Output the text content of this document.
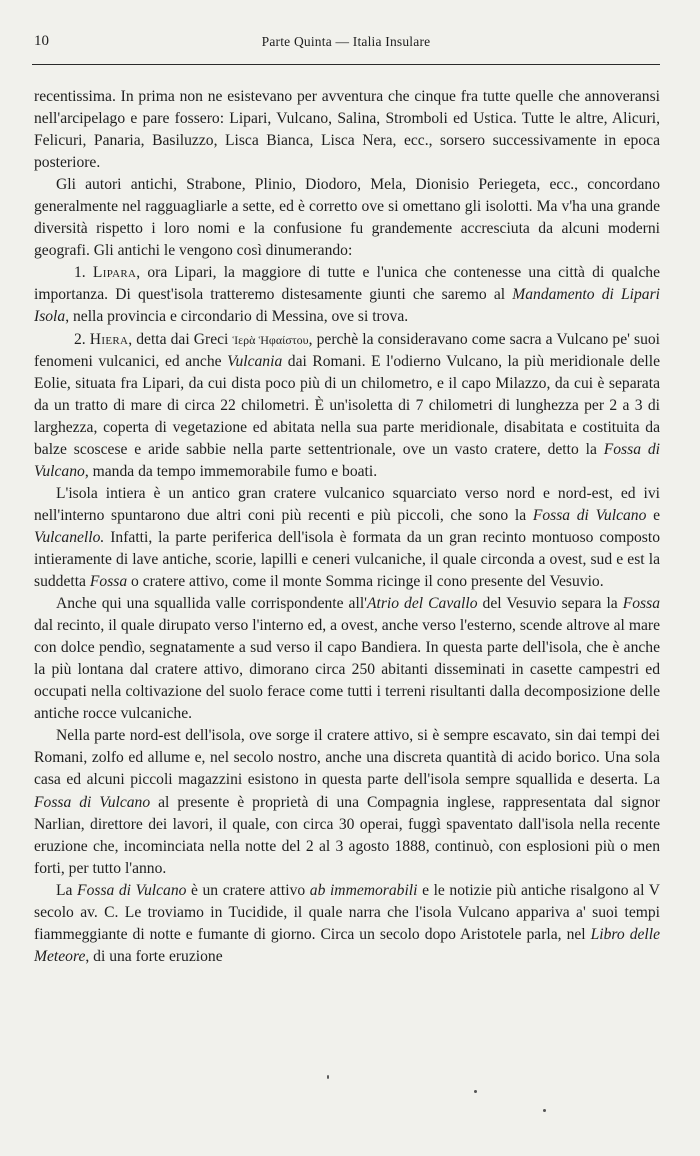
10	Parte Quinta — Italia Insulare

recentissima. In prima non ne esistevano per avventura che cinque fra tutte quelle che annoveransi nell'arcipelago e pare fossero: Lipari, Vulcano, Salina, Stromboli ed Ustica. Tutte le altre, Alicuri, Felicuri, Panaria, Basiluzzo, Lisca Bianca, Lisca Nera, ecc., sorsero successivamente in epoca posteriore.

Gli autori antichi, Strabone, Plinio, Diodoro, Mela, Dionisio Periegeta, ecc., concordano generalmente nel ragguagliarle a sette, ed è corretto ove si omettano gli isolotti. Ma v'ha una grande diversità rispetto i loro nomi e la confusione fu grandemente accresciuta da alcuni moderni geografi. Gli antichi le vengono così dinumerando:

1. Lipara, ora Lipari, la maggiore di tutte e l'unica che contenesse una città di qualche importanza. Di quest'isola tratteremo distesamente giunti che saremo al Mandamento di Lipari Isola, nella provincia e circondario di Messina, ove si trova.

2. Hiera, detta dai Greci Ἱερὰ Ἡφαίστου, perchè la consideravano come sacra a Vulcano pe' suoi fenomeni vulcanici, ed anche Vulcania dai Romani. E l'odierno Vulcano, la più meridionale delle Eolie, situata fra Lipari, da cui dista poco più di un chilometro, e il capo Milazzo, da cui è separata da un tratto di mare di circa 22 chilometri. È un'isoletta di 7 chilometri di lunghezza per 2 a 3 di larghezza, coperta di vegetazione ed abitata nella sua parte meridionale, disabitata e costituita da balze scoscese e aride sabbie nella parte settentrionale, ove un vasto cratere, detto la Fossa di Vulcano, manda da tempo immemorabile fumo e boati.

L'isola intiera è un antico gran cratere vulcanico squarciato verso nord e nord-est, ed ivi nell'interno spuntarono due altri coni più recenti e più piccoli, che sono la Fossa di Vulcano e Vulcanello. Infatti, la parte periferica dell'isola è formata da un gran recinto montuoso composto intieramente di lave antiche, scorie, lapilli e ceneri vulcaniche, il quale circonda a ovest, sud e est la suddetta Fossa o cratere attivo, come il monte Somma ricinge il cono presente del Vesuvio.

Anche qui una squallida valle corrispondente all'Atrio del Cavallo del Vesuvio separa la Fossa dal recinto, il quale dirupato verso l'interno ed, a ovest, anche verso l'esterno, scende altrove al mare con dolce pendìo, segnatamente a sud verso il capo Bandiera. In questa parte dell'isola, che è anche la più lontana dal cratere attivo, dimorano circa 250 abitanti disseminati in casette campestri ed occupati nella coltivazione del suolo ferace come tutti i terreni risultanti dalla decomposizione delle antiche rocce vulcaniche.

Nella parte nord-est dell'isola, ove sorge il cratere attivo, si è sempre escavato, sin dai tempi dei Romani, zolfo ed allume e, nel secolo nostro, anche una discreta quantità di acido borico. Una sola casa ed alcuni piccoli magazzini esistono in questa parte dell'isola sempre squallida e deserta. La Fossa di Vulcano al presente è proprietà di una Compagnia inglese, rappresentata dal signor Narlian, direttore dei lavori, il quale, con circa 30 operai, fuggì spaventato dall'isola nella recente eruzione che, incominciata nella notte del 2 al 3 agosto 1888, continuò, con esplosioni più o men forti, per tutto l'anno.

La Fossa di Vulcano è un cratere attivo ab immemorabili e le notizie più antiche risalgono al V secolo av. C. Le troviamo in Tucidide, il quale narra che l'isola Vulcano appariva a' suoi tempi fiammeggiante di notte e fumante di giorno. Circa un secolo dopo Aristotele parla, nel Libro delle Meteore, di una forte eruzione
